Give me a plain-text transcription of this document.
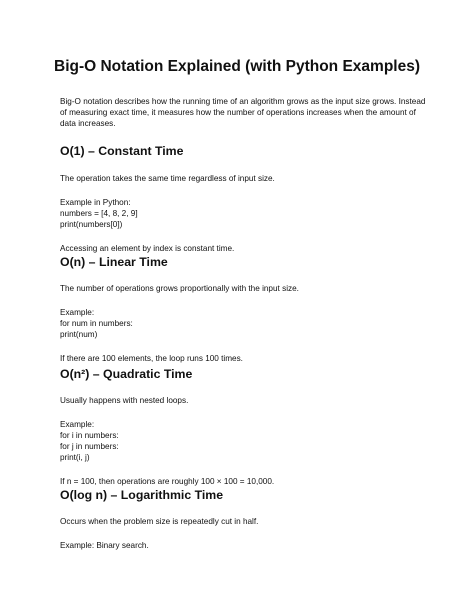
Big-O Notation Explained (with Python Examples)

Big-O notation describes how the running time of an algorithm grows as the input size grows. Instead of measuring exact time, it measures how the number of operations increases when the amount of data increases.

O(1) – Constant Time

The operation takes the same time regardless of input size.

Example in Python:
numbers = [4, 8, 2, 9]
print(numbers[0])

Accessing an element by index is constant time.

O(n) – Linear Time

The number of operations grows proportionally with the input size.

Example:
for num in numbers:
print(num)

If there are 100 elements, the loop runs 100 times.

O(n²) – Quadratic Time

Usually happens with nested loops.

Example:
for i in numbers:
for j in numbers:
print(i, j)

If n = 100, then operations are roughly 100 × 100 = 10,000.

O(log n) – Logarithmic Time

Occurs when the problem size is repeatedly cut in half.

Example: Binary search.
